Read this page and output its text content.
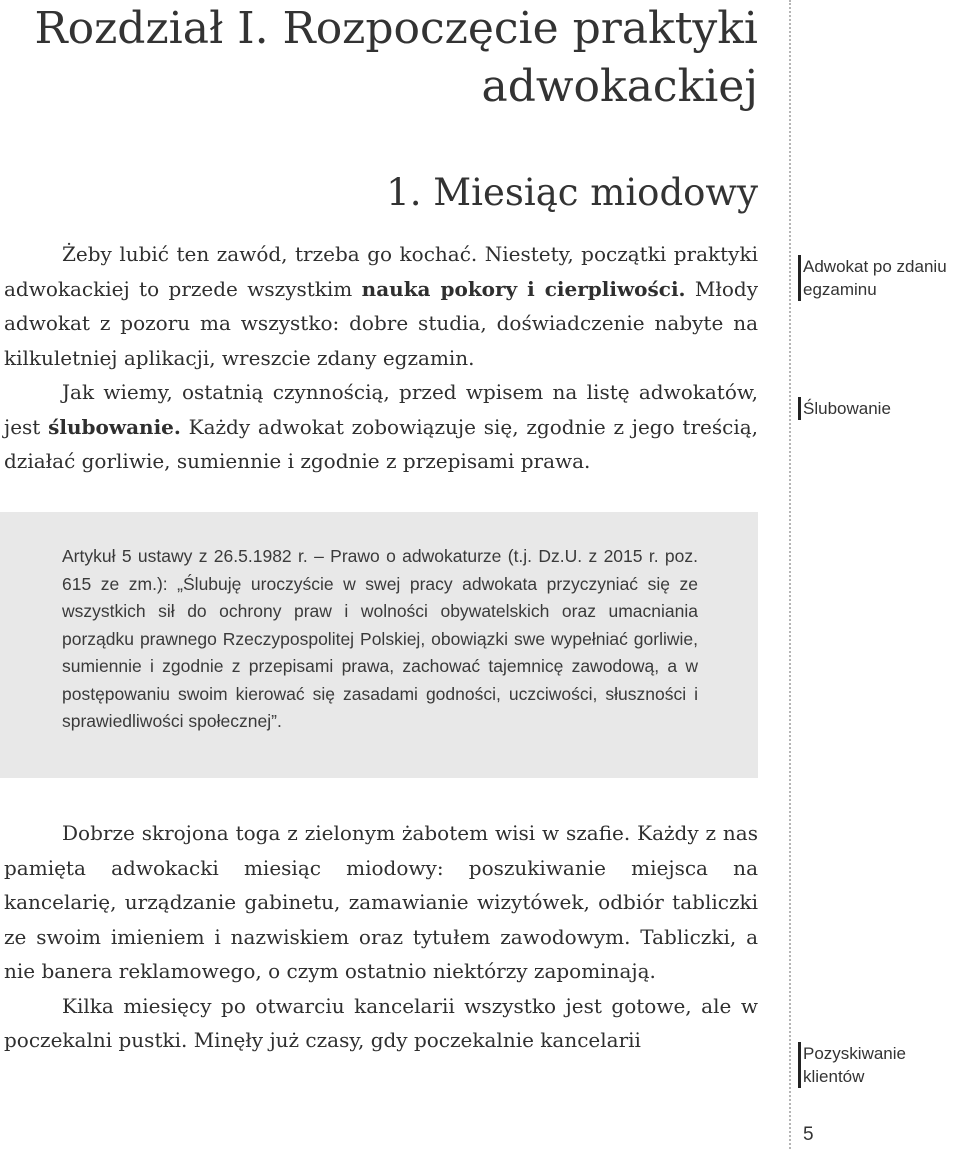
Rozdział I. Rozpoczęcie praktyki
adwokackiej
1. Miesiąc miodowy

Żeby lubić ten zawód, trzeba go kochać. Niestety, początki praktyki adwokackiej to przede wszystkim nauka pokory i cierpliwości. Młody adwokat z pozoru ma wszystko: dobre studia, doświadczenie nabyte na kilkuletniej aplikacji, wreszcie zdany egzamin.
Jak wiemy, ostatnią czynnością, przed wpisem na listę adwokatów, jest ślubowanie. Każdy adwokat zobowiązuje się, zgodnie z jego treścią, działać gorliwie, sumiennie i zgodnie z przepisami prawa.

Artykuł 5 ustawy z 26.5.1982 r. – Prawo o adwokaturze (t.j. Dz.U. z 2015 r. poz. 615 ze zm.): „Ślubuję uroczyście w swej pracy adwokata przyczyniać się ze wszystkich sił do ochrony praw i wolności obywatelskich oraz umacniania porządku prawnego Rzeczypospolitej Polskiej, obowiązki swe wypełniać gorliwie, sumiennie i zgodnie z przepisami prawa, zachować tajemnicę zawodową, a w postępowaniu swoim kierować się zasadami godności, uczciwości, słuszności i sprawiedliwości społecznej”.

Dobrze skrojona toga z zielonym żabotem wisi w szafie. Każdy z nas pamięta adwokacki miesiąc miodowy: poszukiwanie miejsca na kancelarię, urządzanie gabinetu, zamawianie wizytówek, odbiór tabliczki ze swoim imieniem i nazwiskiem oraz tytułem zawodowym. Tabliczki, a nie banera reklamowego, o czym ostatnio niektórzy zapominają.
Kilka miesięcy po otwarciu kancelarii wszystko jest gotowe, ale w poczekalni pustki. Minęły już czasy, gdy poczekalnie kancelarii

Adwokat po zdaniu egzaminu
Ślubowanie
Pozyskiwanie klientów
5
